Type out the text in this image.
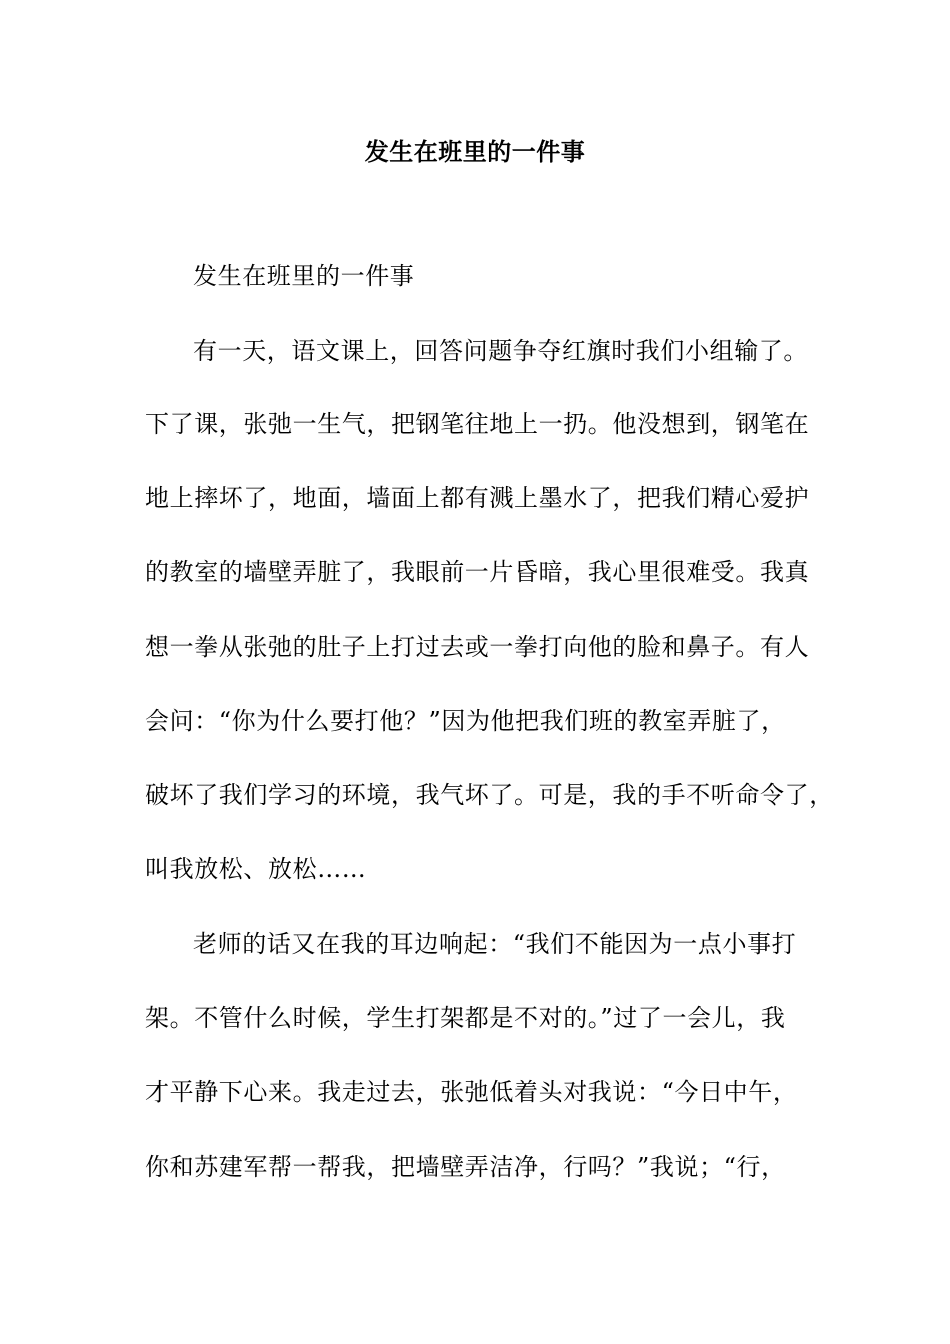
发生在班里的一件事
发生在班里的一件事
有一天，语文课上，回答问题争夺红旗时我们小组输了。
下了课，张弛一生气，把钢笔往地上一扔。他没想到，钢笔在
地上摔坏了，地面，墙面上都有溅上墨水了，把我们精心爱护
的教室的墙壁弄脏了，我眼前一片昏暗，我心里很难受。我真
想一拳从张弛的肚子上打过去或一拳打向他的脸和鼻子。有人
会问：“你为什么要打他？”因为他把我们班的教室弄脏了，
破坏了我们学习的环境，我气坏了。可是，我的手不听命令了，
叫我放松、放松……
老师的话又在我的耳边响起：“我们不能因为一点小事打
架。不管什么时候，学生打架都是不对的。”过了一会儿，我
才平静下心来。我走过去，张弛低着头对我说：“今日中午，
你和苏建军帮一帮我，把墙壁弄洁净，行吗？”我说；“行，
